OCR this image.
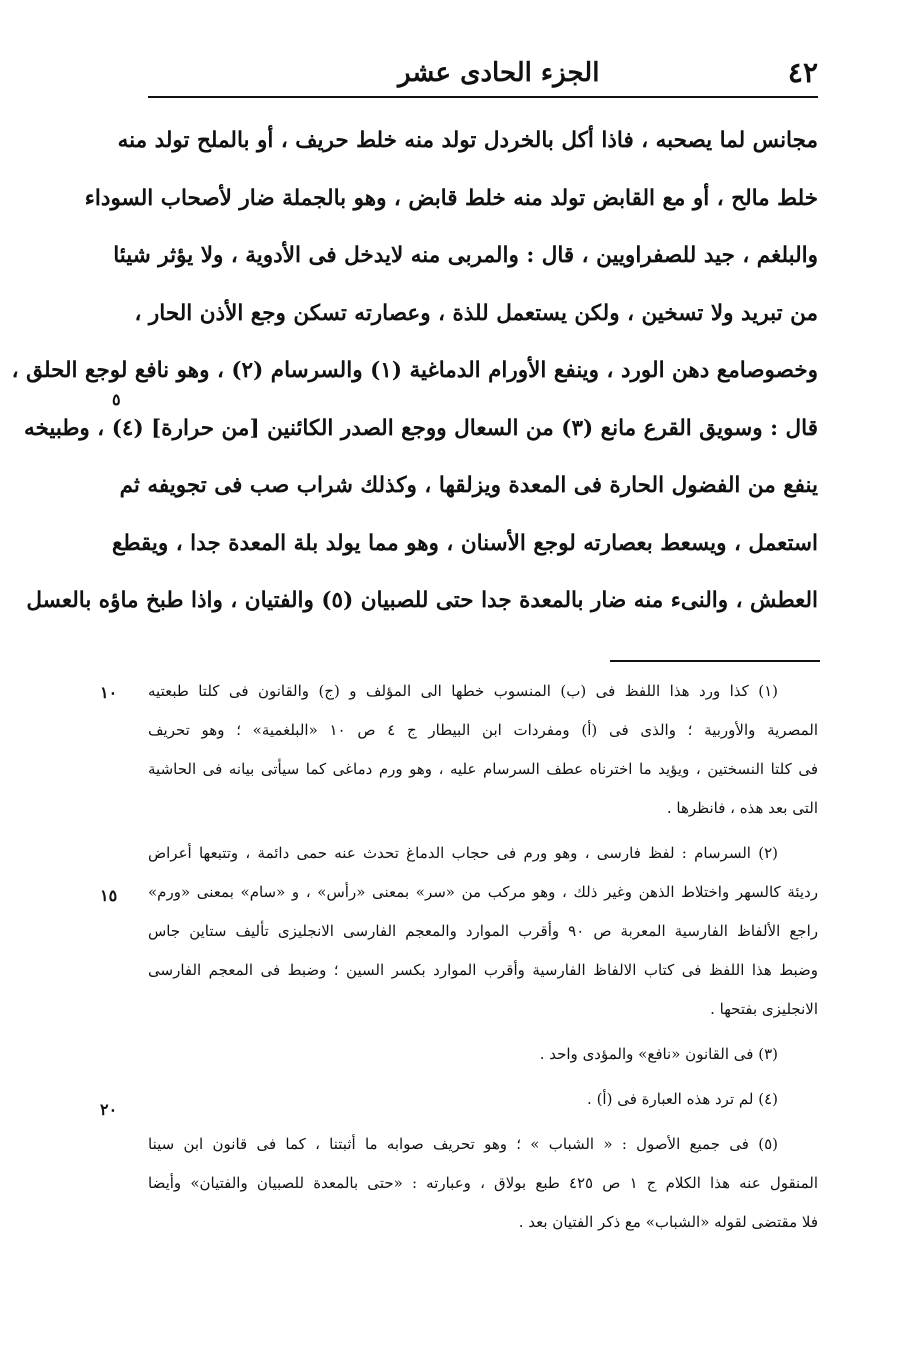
٤٢
الجزء الحادى عشر
مجانس لما يصحبه ، فاذا أكل بالخردل تولد منه خلط حريف ، أو بالملح تولد منه
خلط مالح ، أو مع القابض تولد منه خلط قابض ، وهو بالجملة ضار لأصحاب السوداء
والبلغم ، جيد للصفراويين ، قال : والمربى منه لايدخل فى الأدوية ، ولا يؤثر شيئا
من تبريد ولا تسخين ، ولكن يستعمل للذة ، وعصارته تسكن وجع الأذن الحار ،
وخصوصامع دهن الورد ، وينفع الأورام الدماغية (١) والسرسام (٢) ، وهو نافع لوجع الحلق ،
قال : وسويق القرع مانع (٣) من السعال ووجع الصدر الكائنين [من حرارة] (٤) ، وطبيخه
ينفع من الفضول الحارة فى المعدة ويزلقها ، وكذلك شراب صب فى تجويفه ثم
استعمل ، ويسعط بعصارته لوجع الأسنان ، وهو مما يولد بلة المعدة جدا ، ويقطع
العطش ، والنىء منه ضار بالمعدة جدا حتى للصبيان (٥) والفتيان ، واذا طبخ ماؤه بالعسل
(١) كذا ورد هذا اللفظ فى (ب) المنسوب خطها الى المؤلف و (ج) والقانون فى كلتا طبعتيه
المصرية والأوربية ؛ والذى فى (أ) ومفردات ابن البيطار ج ٤ ص ١٠ «البلغمية» ؛ وهو تحريف
فى كلتا النسختين ، ويؤيد ما اخترناه عطف السرسام عليه ، وهو ورم دماغى كما سيأتى بيانه فى الحاشية
التى بعد هذه ، فانظرها .
(٢) السرسام : لفظ فارسى ، وهو ورم فى حجاب الدماغ تحدث عنه حمى دائمة ، وتتبعها أعراض
رديئة كالسهر واختلاط الذهن وغير ذلك ، وهو مركب من «سر» بمعنى «رأس» ، و «سام» بمعنى «ورم»
راجع الألفاظ الفارسية المعربة ص ٩٠ وأقرب الموارد والمعجم الفارسى الانجليزى تأليف ستاين جاس
وضبط هذا اللفظ فى كتاب الالفاظ الفارسية وأقرب الموارد بكسر السين ؛ وضبط فى المعجم الفارسى
الانجليزى بفتحها .
(٣) فى القانون «نافع» والمؤدى واحد .
(٤) لم ترد هذه العبارة فى (أ) .
(٥) فى جميع الأصول : « الشباب » ؛ وهو تحريف صوابه ما أثبتنا ، كما فى قانون ابن سينا
المنقول عنه هذا الكلام ج ١ ص ٤٢٥ طبع بولاق ، وعبارته : «حتى بالمعدة للصبيان والفتيان» وأيضا
فلا مقتضى لقوله «الشباب» مع ذكر الفتيان بعد .
٥
١٠
١٥
٢٠
